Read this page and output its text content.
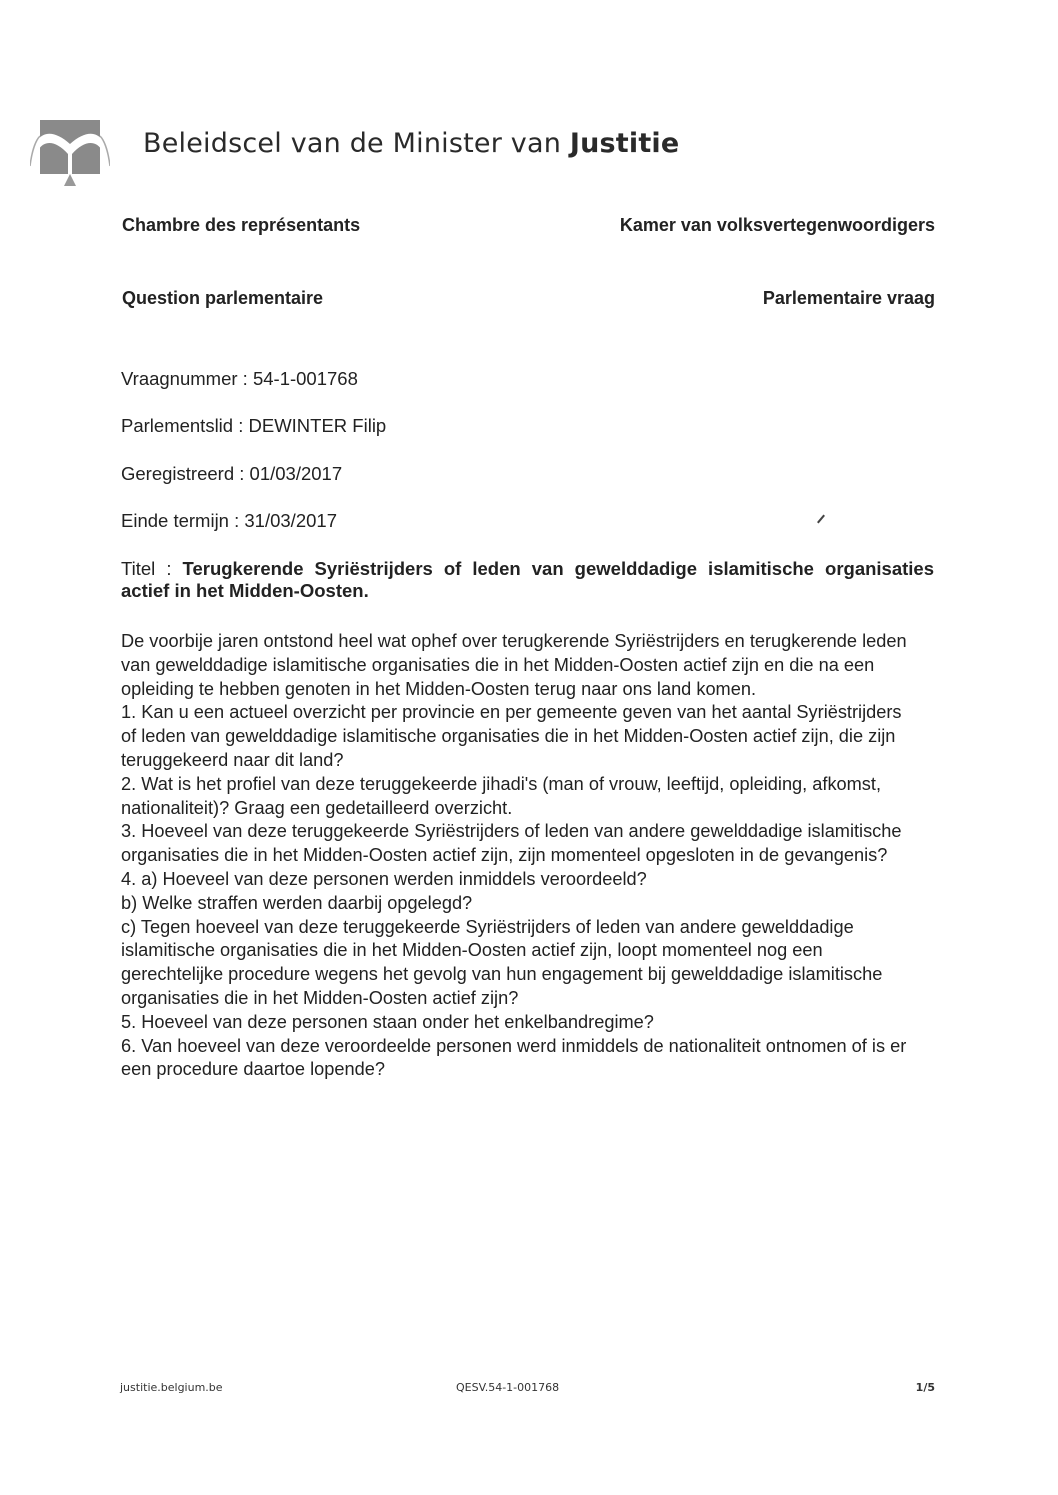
Beleidscel van de Minister van Justitie
Chambre des représentants	Kamer van volksvertegenwoordigers
Question parlementaire	Parlementaire vraag
Vraagnummer : 54-1-001768
Parlementslid : DEWINTER Filip
Geregistreerd : 01/03/2017
Einde termijn : 31/03/2017
Titel : Terugkerende Syriëstrijders of leden van gewelddadige islamitische organisaties actief in het Midden-Oosten.

De voorbije jaren ontstond heel wat ophef over terugkerende Syriëstrijders en terugkerende leden van gewelddadige islamitische organisaties die in het Midden-Oosten actief zijn en die na een opleiding te hebben genoten in het Midden-Oosten terug naar ons land komen.

1. Kan u een actueel overzicht per provincie en per gemeente geven van het aantal Syriëstrijders of leden van gewelddadige islamitische organisaties die in het Midden-Oosten actief zijn, die zijn teruggekeerd naar dit land?

2. Wat is het profiel van deze teruggekeerde jihadi's (man of vrouw, leeftijd, opleiding, afkomst, nationaliteit)? Graag een gedetailleerd overzicht.

3. Hoeveel van deze teruggekeerde Syriëstrijders of leden van andere gewelddadige islamitische organisaties die in het Midden-Oosten actief zijn, zijn momenteel opgesloten in de gevangenis?

4. a) Hoeveel van deze personen werden inmiddels veroordeeld?

b) Welke straffen werden daarbij opgelegd?

c) Tegen hoeveel van deze teruggekeerde Syriëstrijders of leden van andere gewelddadige islamitische organisaties die in het Midden-Oosten actief zijn, loopt momenteel nog een gerechtelijke procedure wegens het gevolg van hun engagement bij gewelddadige islamitische organisaties die in het Midden-Oosten actief zijn?

5. Hoeveel van deze personen staan onder het enkelbandregime?

6. Van hoeveel van deze veroordeelde personen werd inmiddels de nationaliteit ontnomen of is er een procedure daartoe lopende?

justitie.belgium.be	QESV.54-1-001768	1/5
